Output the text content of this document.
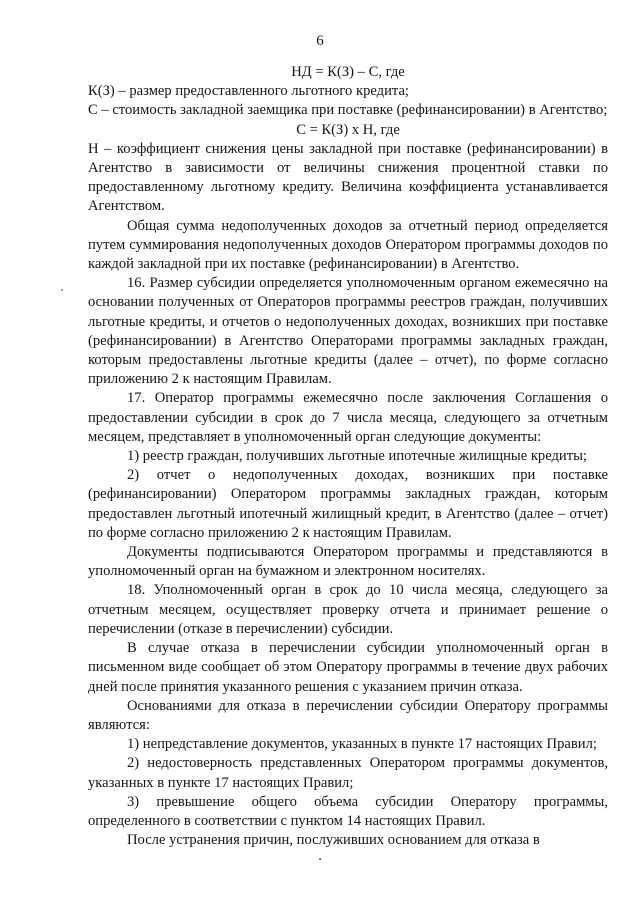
6

НД = К(З) – С, где

К(З) – размер предоставленного льготного кредита;

С – стоимость закладной заемщика при поставке (рефинансировании) в Агентство;

С = К(З) х Н, где

Н – коэффициент снижения цены закладной при поставке (рефинансировании) в Агентство в зависимости от величины снижения процентной ставки по предоставленному льготному кредиту. Величина коэффициента устанавливается Агентством.

Общая сумма недополученных доходов за отчетный период определяется путем суммирования недополученных доходов Оператором программы доходов по каждой закладной при их поставке (рефинансировании) в Агентство.

16. Размер субсидии определяется уполномоченным органом ежемесячно на основании полученных от Операторов программы реестров граждан, получивших льготные кредиты, и отчетов о недополученных доходах, возникших при поставке (рефинансировании) в Агентство Операторами программы закладных граждан, которым предоставлены льготные кредиты (далее – отчет), по форме согласно приложению 2 к настоящим Правилам.

17. Оператор программы ежемесячно после заключения Соглашения о предоставлении субсидии в срок до 7 числа месяца, следующего за отчетным месяцем, представляет в уполномоченный орган следующие документы:

1) реестр граждан, получивших льготные ипотечные жилищные кредиты;

2) отчет о недополученных доходах, возникших при поставке (рефинансировании) Оператором программы закладных граждан, которым предоставлен льготный ипотечный жилищный кредит, в Агентство (далее – отчет) по форме согласно приложению 2 к настоящим Правилам.

Документы подписываются Оператором программы и представляются в уполномоченный орган на бумажном и электронном носителях.

18. Уполномоченный орган в срок до 10 числа месяца, следующего за отчетным месяцем, осуществляет проверку отчета и принимает решение о перечислении (отказе в перечислении) субсидии.

В случае отказа в перечислении субсидии уполномоченный орган в письменном виде сообщает об этом Оператору программы в течение двух рабочих дней после принятия указанного решения с указанием причин отказа.

Основаниями для отказа в перечислении субсидии Оператору программы являются:

1) непредставление документов, указанных в пункте 17 настоящих Правил;

2) недостоверность представленных Оператором программы документов, указанных в пункте 17 настоящих Правил;

3) превышение общего объема субсидии Оператору программы, определенного в соответствии с пунктом 14 настоящих Правил.

После устранения причин, послуживших основанием для отказа в

·
